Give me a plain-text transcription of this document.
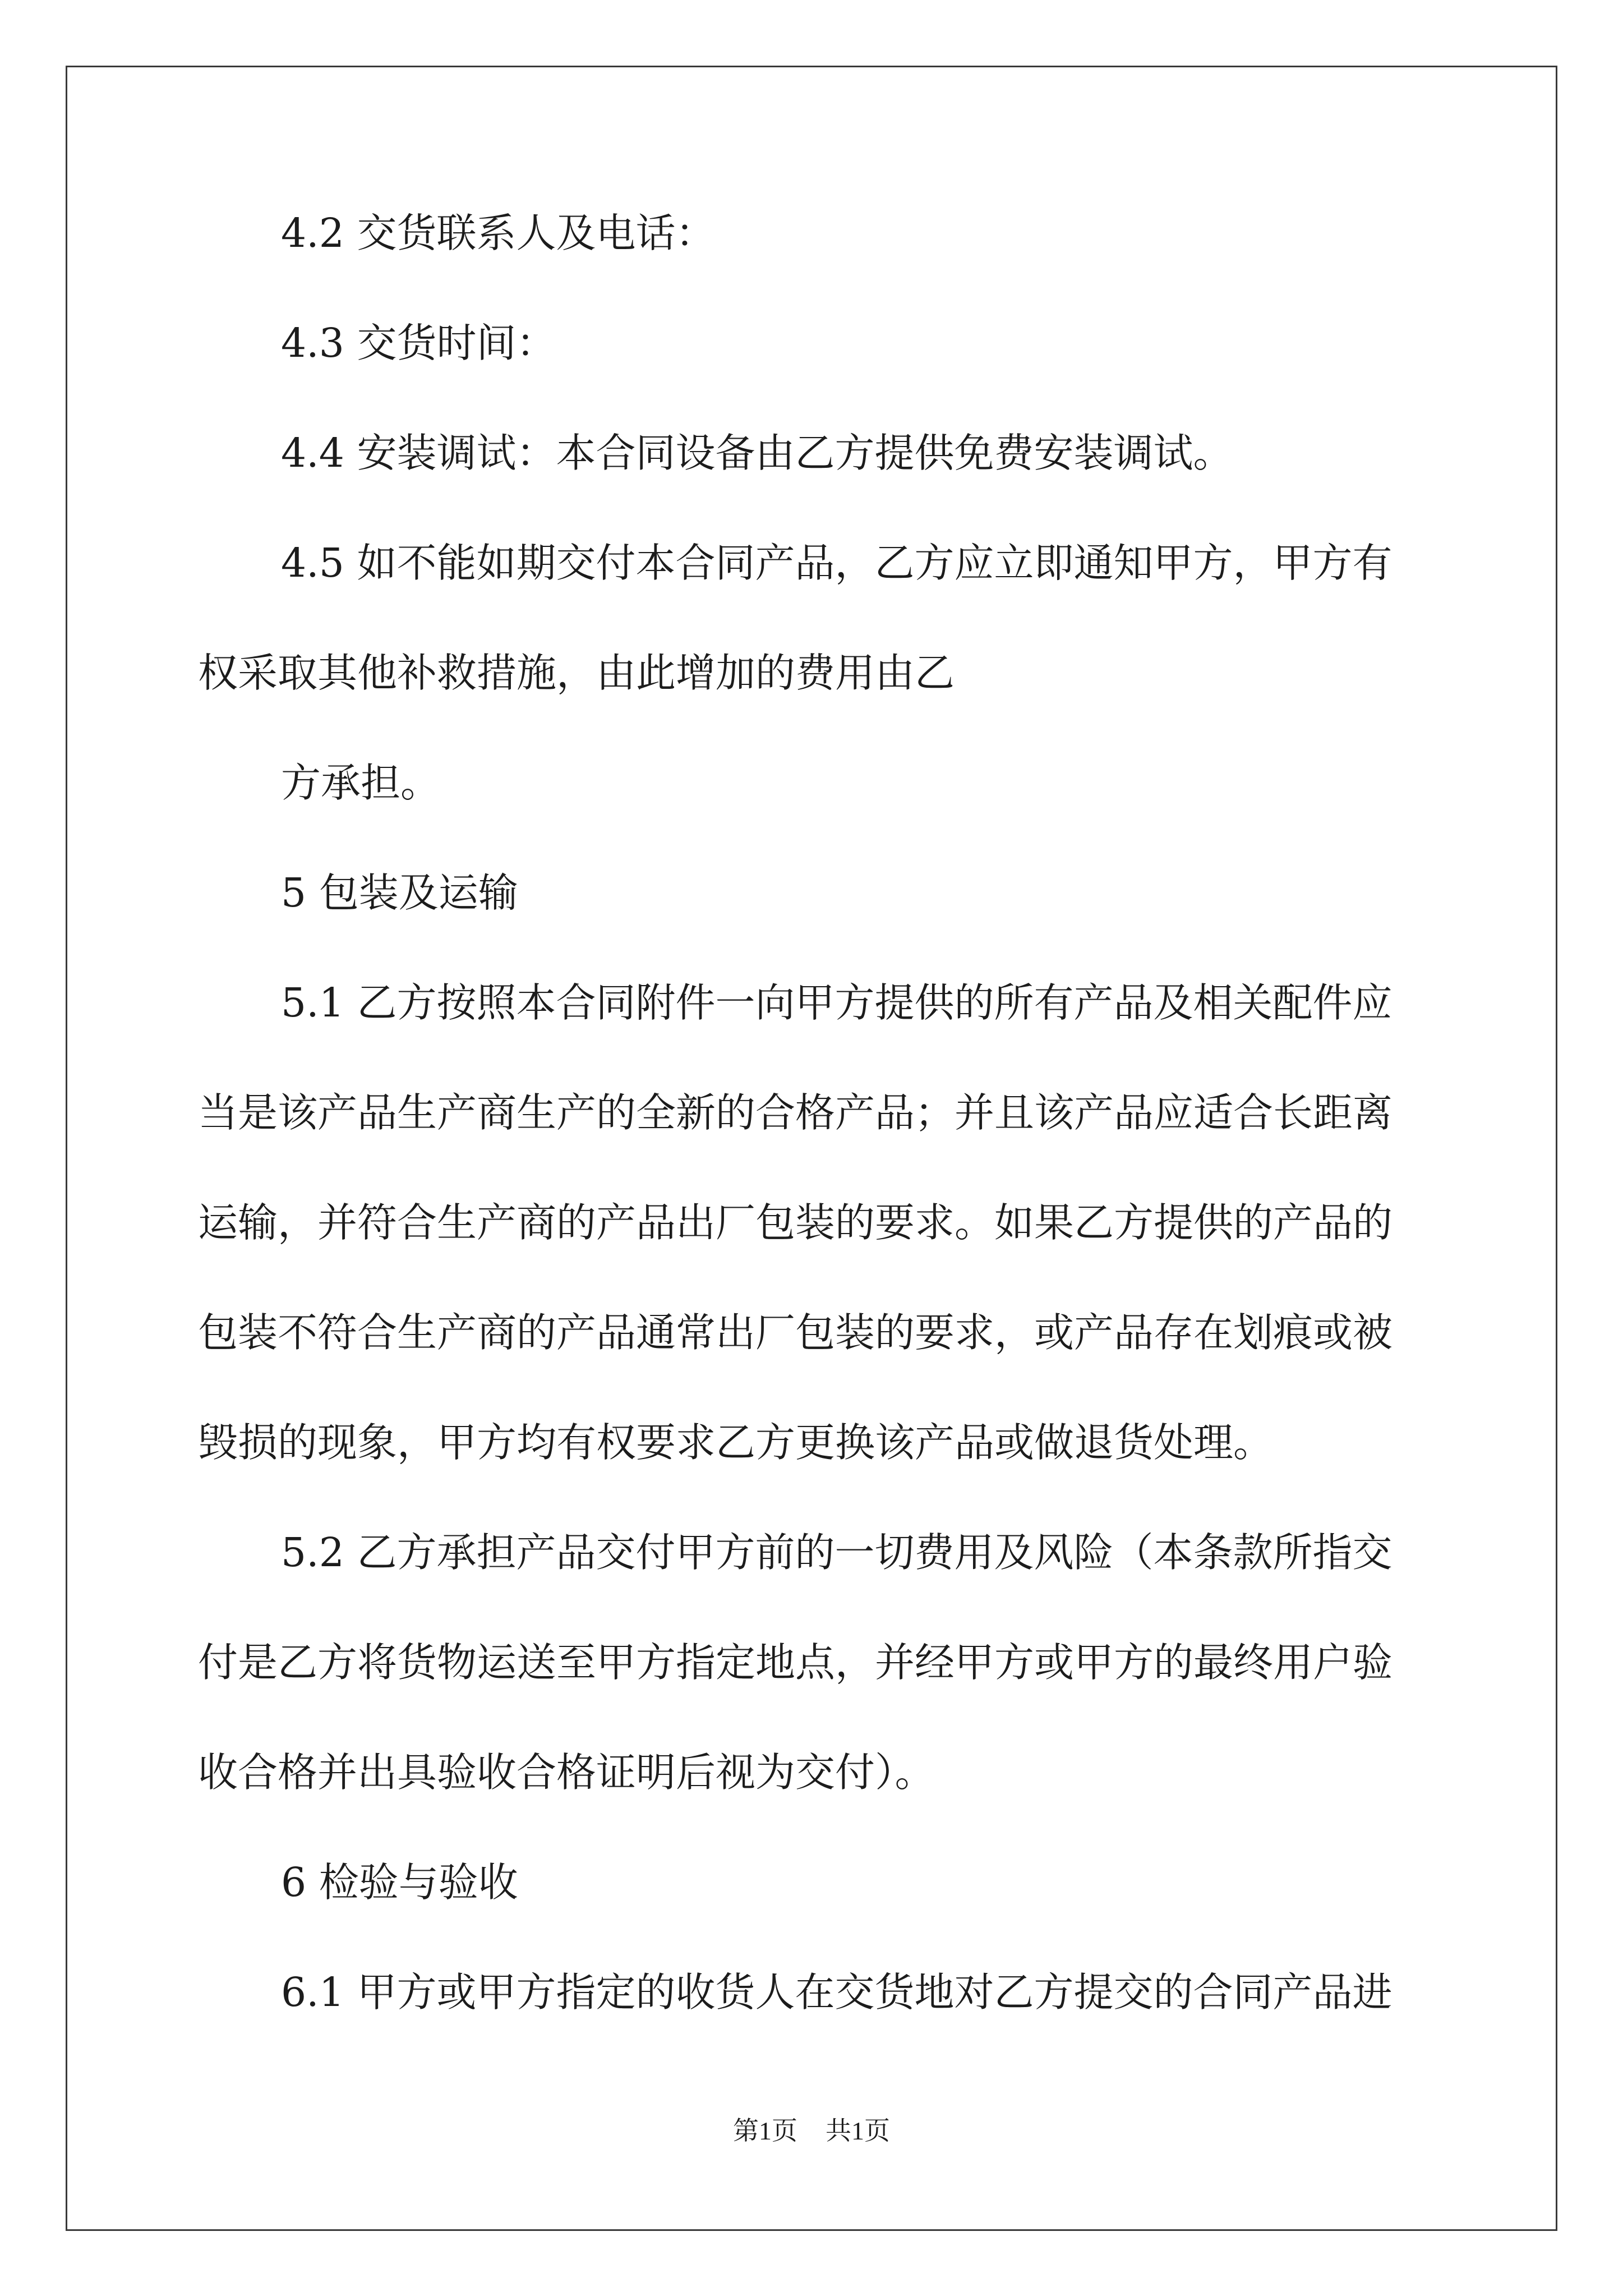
4.2 交货联系人及电话：
4.3 交货时间：
4.4 安装调试：本合同设备由乙方提供免费安装调试。
4.5 如不能如期交付本合同产品，乙方应立即通知甲方，甲方有
权采取其他补救措施，由此增加的费用由乙
方承担。
5 包装及运输
5.1 乙方按照本合同附件一向甲方提供的所有产品及相关配件应
当是该产品生产商生产的全新的合格产品；并且该产品应适合长距离
运输，并符合生产商的产品出厂包装的要求。如果乙方提供的产品的
包装不符合生产商的产品通常出厂包装的要求，或产品存在划痕或被
毁损的现象，甲方均有权要求乙方更换该产品或做退货处理。
5.2 乙方承担产品交付甲方前的一切费用及风险（本条款所指交
付是乙方将货物运送至甲方指定地点，并经甲方或甲方的最终用户验
收合格并出具验收合格证明后视为交付）。
6 检验与验收
6.1 甲方或甲方指定的收货人在交货地对乙方提交的合同产品进
第1页 共1页
